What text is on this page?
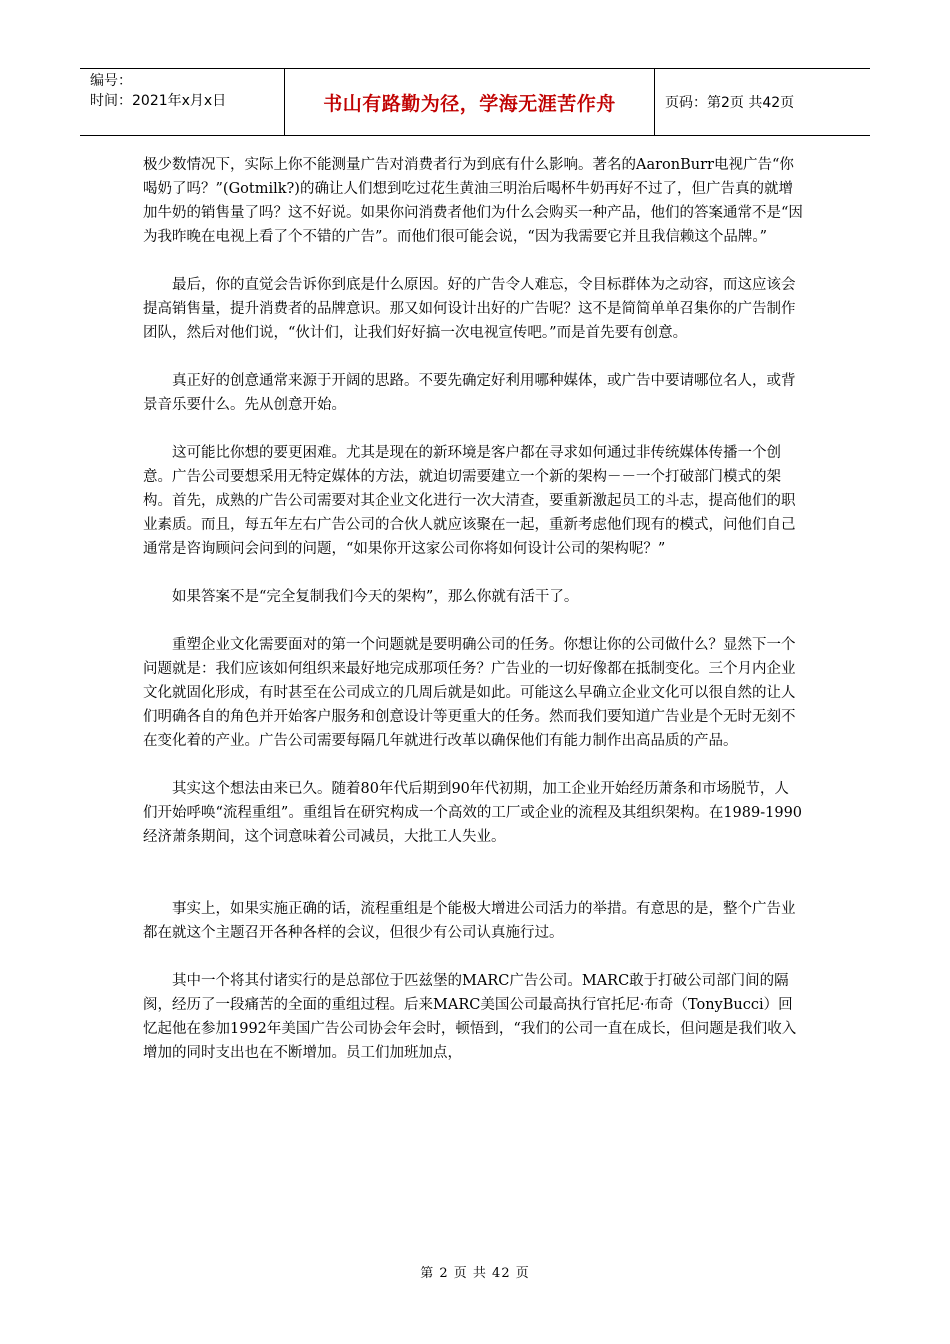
编号：
时间：2021年x月x日	书山有路勤为径，学海无涯苦作舟	页码：第2页 共42页

极少数情况下，实际上你不能测量广告对消费者行为到底有什么影响。著名的AaronBurr电视广告“你喝奶了吗？”(Gotmilk?)的确让人们想到吃过花生黄油三明治后喝杯牛奶再好不过了，但广告真的就增加牛奶的销售量了吗？这不好说。如果你问消费者他们为什么会购买一种产品，他们的答案通常不是“因为我昨晚在电视上看了个不错的广告”。而他们很可能会说，“因为我需要它并且我信赖这个品牌。”

最后，你的直觉会告诉你到底是什么原因。好的广告令人难忘，令目标群体为之动容，而这应该会提高销售量，提升消费者的品牌意识。那又如何设计出好的广告呢？这不是简简单单召集你的广告制作团队，然后对他们说，“伙计们，让我们好好搞一次电视宣传吧。”而是首先要有创意。

真正好的创意通常来源于开阔的思路。不要先确定好利用哪种媒体，或广告中要请哪位名人，或背景音乐要什么。先从创意开始。

这可能比你想的要更困难。尤其是现在的新环境是客户都在寻求如何通过非传统媒体传播一个创意。广告公司要想采用无特定媒体的方法，就迫切需要建立一个新的架构－－一个打破部门模式的架构。首先，成熟的广告公司需要对其企业文化进行一次大清查，要重新激起员工的斗志，提高他们的职业素质。而且，每五年左右广告公司的合伙人就应该聚在一起，重新考虑他们现有的模式，问他们自己通常是咨询顾问会问到的问题，“如果你开这家公司你将如何设计公司的架构呢？”

如果答案不是“完全复制我们今天的架构”，那么你就有活干了。

重塑企业文化需要面对的第一个问题就是要明确公司的任务。你想让你的公司做什么？显然下一个问题就是：我们应该如何组织来最好地完成那项任务？广告业的一切好像都在抵制变化。三个月内企业文化就固化形成，有时甚至在公司成立的几周后就是如此。可能这么早确立企业文化可以很自然的让人们明确各自的角色并开始客户服务和创意设计等更重大的任务。然而我们要知道广告业是个无时无刻不在变化着的产业。广告公司需要每隔几年就进行改革以确保他们有能力制作出高品质的产品。

其实这个想法由来已久。随着80年代后期到90年代初期，加工企业开始经历萧条和市场脱节，人们开始呼唤“流程重组”。重组旨在研究构成一个高效的工厂或企业的流程及其组织架构。在1989-1990经济萧条期间，这个词意味着公司减员，大批工人失业。

事实上，如果实施正确的话，流程重组是个能极大增进公司活力的举措。有意思的是，整个广告业都在就这个主题召开各种各样的会议，但很少有公司认真施行过。

其中一个将其付诸实行的是总部位于匹兹堡的MARC广告公司。MARC敢于打破公司部门间的隔阂，经历了一段痛苦的全面的重组过程。后来MARC美国公司最高执行官托尼·布奇（TonyBucci）回忆起他在参加1992年美国广告公司协会年会时，顿悟到，“我们的公司一直在成长，但问题是我们收入增加的同时支出也在不断增加。员工们加班加点，

第 2 页 共 42 页
